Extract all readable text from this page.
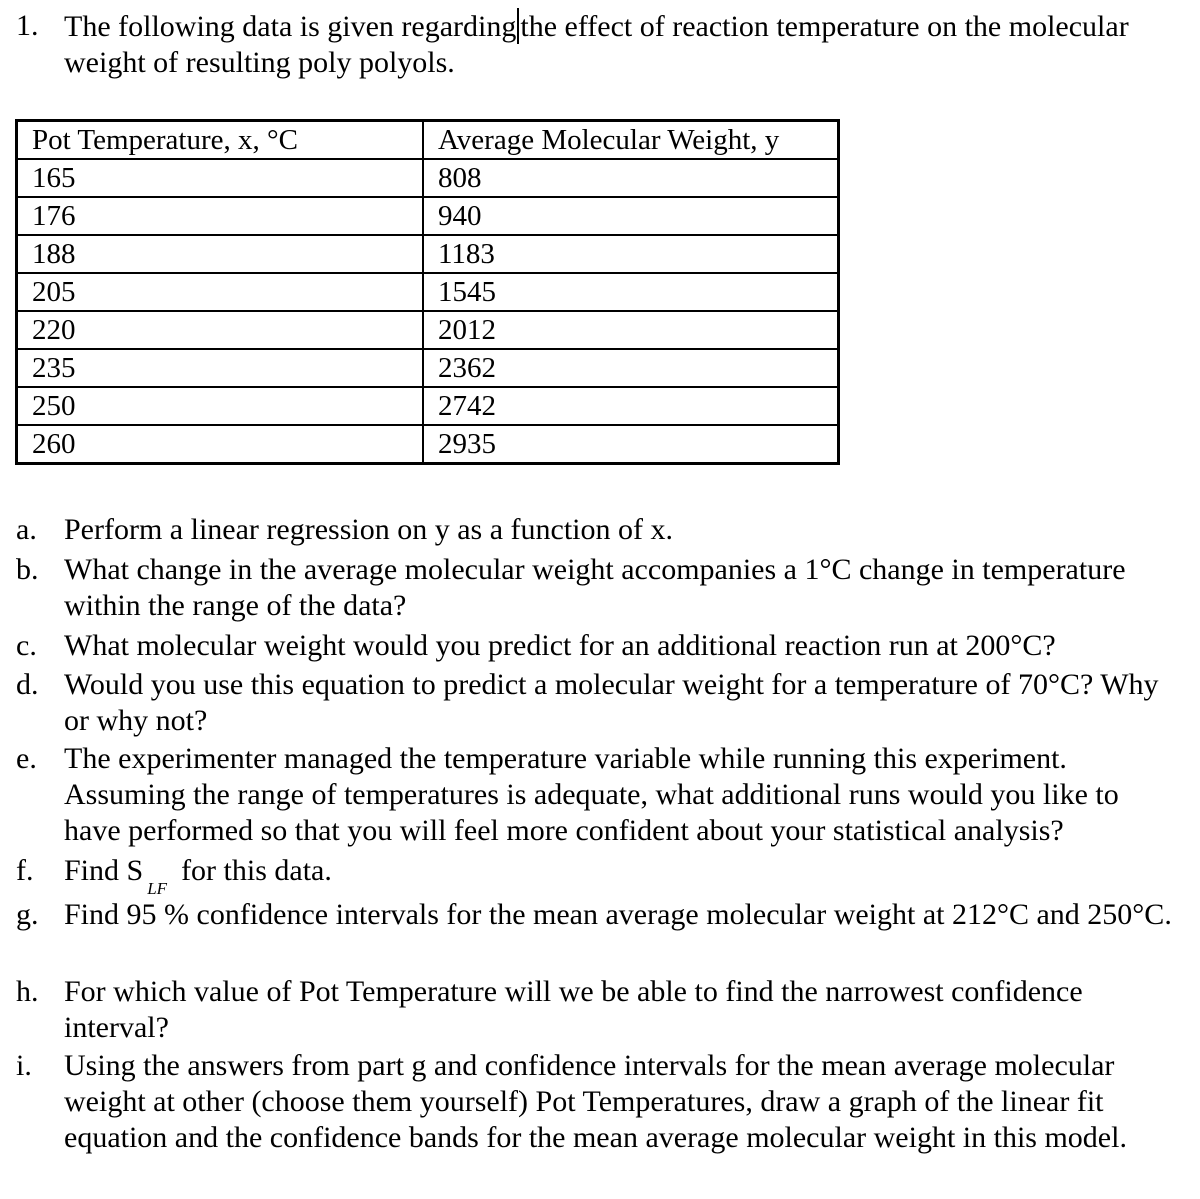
1. The following data is given regarding the effect of reaction temperature on the molecular weight of resulting poly polyols.
Pot Temperature, x, °C	Average Molecular Weight, y
165	808
176	940
188	1183
205	1545
220	2012
235	2362
250	2742
260	2935
a. Perform a linear regression on y as a function of x.
b. What change in the average molecular weight accompanies a 1°C change in temperature within the range of the data?
c. What molecular weight would you predict for an additional reaction run at 200°C?
d. Would you use this equation to predict a molecular weight for a temperature of 70°C? Why or why not?
e. The experimenter managed the temperature variable while running this experiment. Assuming the range of temperatures is adequate, what additional runs would you like to have performed so that you will feel more confident about your statistical analysis?
f. Find $S_{LF}for$ this data.
g. Find 95 % confidence intervals for the mean average molecular weight at 212°C and 250°C.
h. For which value of Pot Temperature will we be able to find the narrowest confidence interval?
i. Using the answers from part g and confidence intervals for the mean average molecular weight at other (choose them yourself) Pot Temperatures, draw a graph of the linear fit equation and the confidence bands for the mean average molecular weight in this model.
